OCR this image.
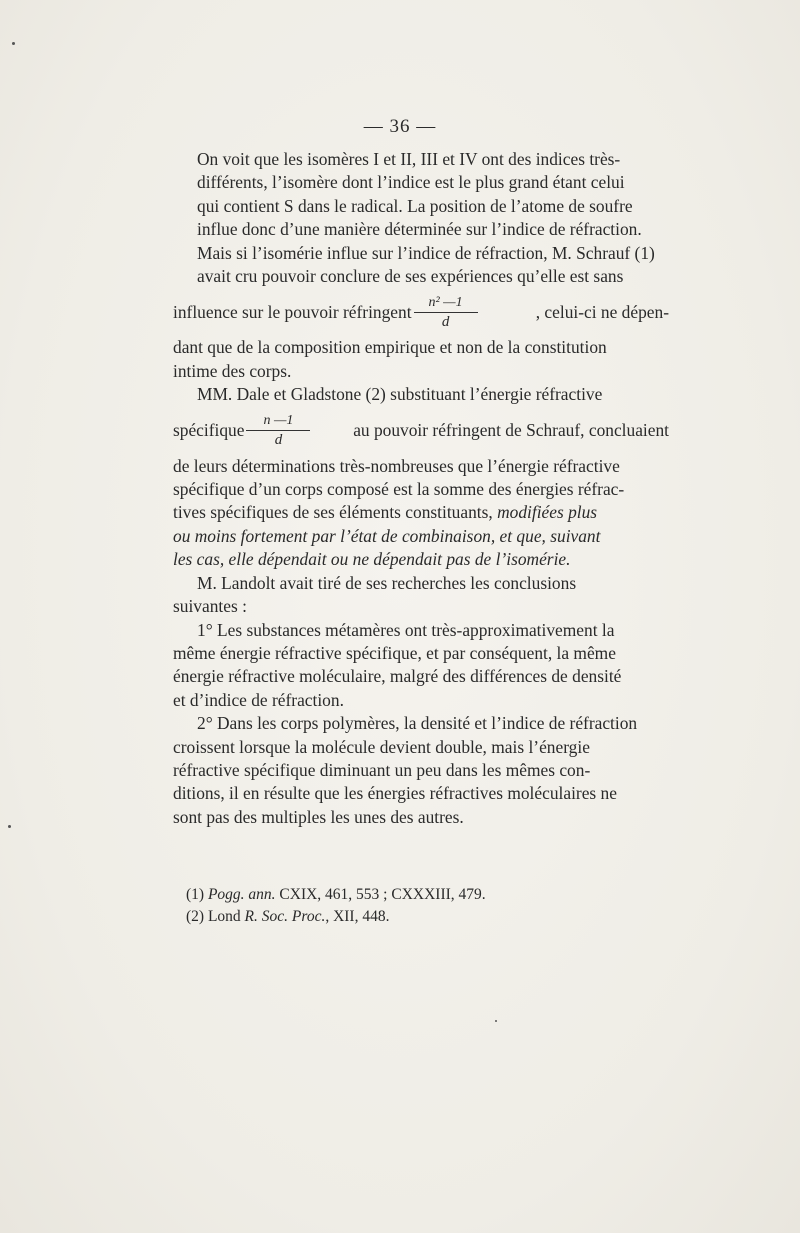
— 36 —

On voit que les isomères I et II, III et IV ont des indices très-
différents, l’isomère dont l’indice est le plus grand étant celui
qui contient S dans le radical. La position de l’atome de soufre
influe donc d’une manière déterminée sur l’indice de réfraction.

Mais si l’isomérie influe sur l’indice de réfraction, M. Schrauf (1)
avait cru pouvoir conclure de ses expériences qu’elle est sans

influence sur le pouvoir réfringent $\frac{\text{n² —1}}{d}$	, celui-ci ne dépen-

dant que de la composition empirique et non de la constitution
intime des corps.

MM. Dale et Gladstone (2) substituant l’énergie réfractive

spécifique $\frac{n —1}{d}$	au pouvoir réfringent de Schrauf, concluaient

de leurs déterminations très-nombreuses que l’énergie réfractive
spécifique d’un corps composé est la somme des énergies réfrac-
tives spécifiques de ses éléments constituants, modifiées plus
ou moins fortement par l’état de combinaison, et que, suivant
les cas, elle dépendait ou ne dépendait pas de l’isomérie.

M. Landolt avait tiré de ses recherches les conclusions

suivantes :

1° Les substances métamères ont très-approximativement la

même énergie réfractive spécifique, et par conséquent, la même
énergie réfractive moléculaire, malgré des différences de densité
et d’indice de réfraction.

2° Dans les corps polymères, la densité et l’indice de réfraction

croissent lorsque la molécule devient double, mais l’énergie
réfractive spécifique diminuant un peu dans les mêmes con-
ditions, il en résulte que les énergies réfractives moléculaires ne
sont pas des multiples les unes des autres.

(1) Pogg. ann. CXIX, 461, 553 ; CXXXIII, 479.
(2) Lond R. Soc. Proc., XII, 448.
